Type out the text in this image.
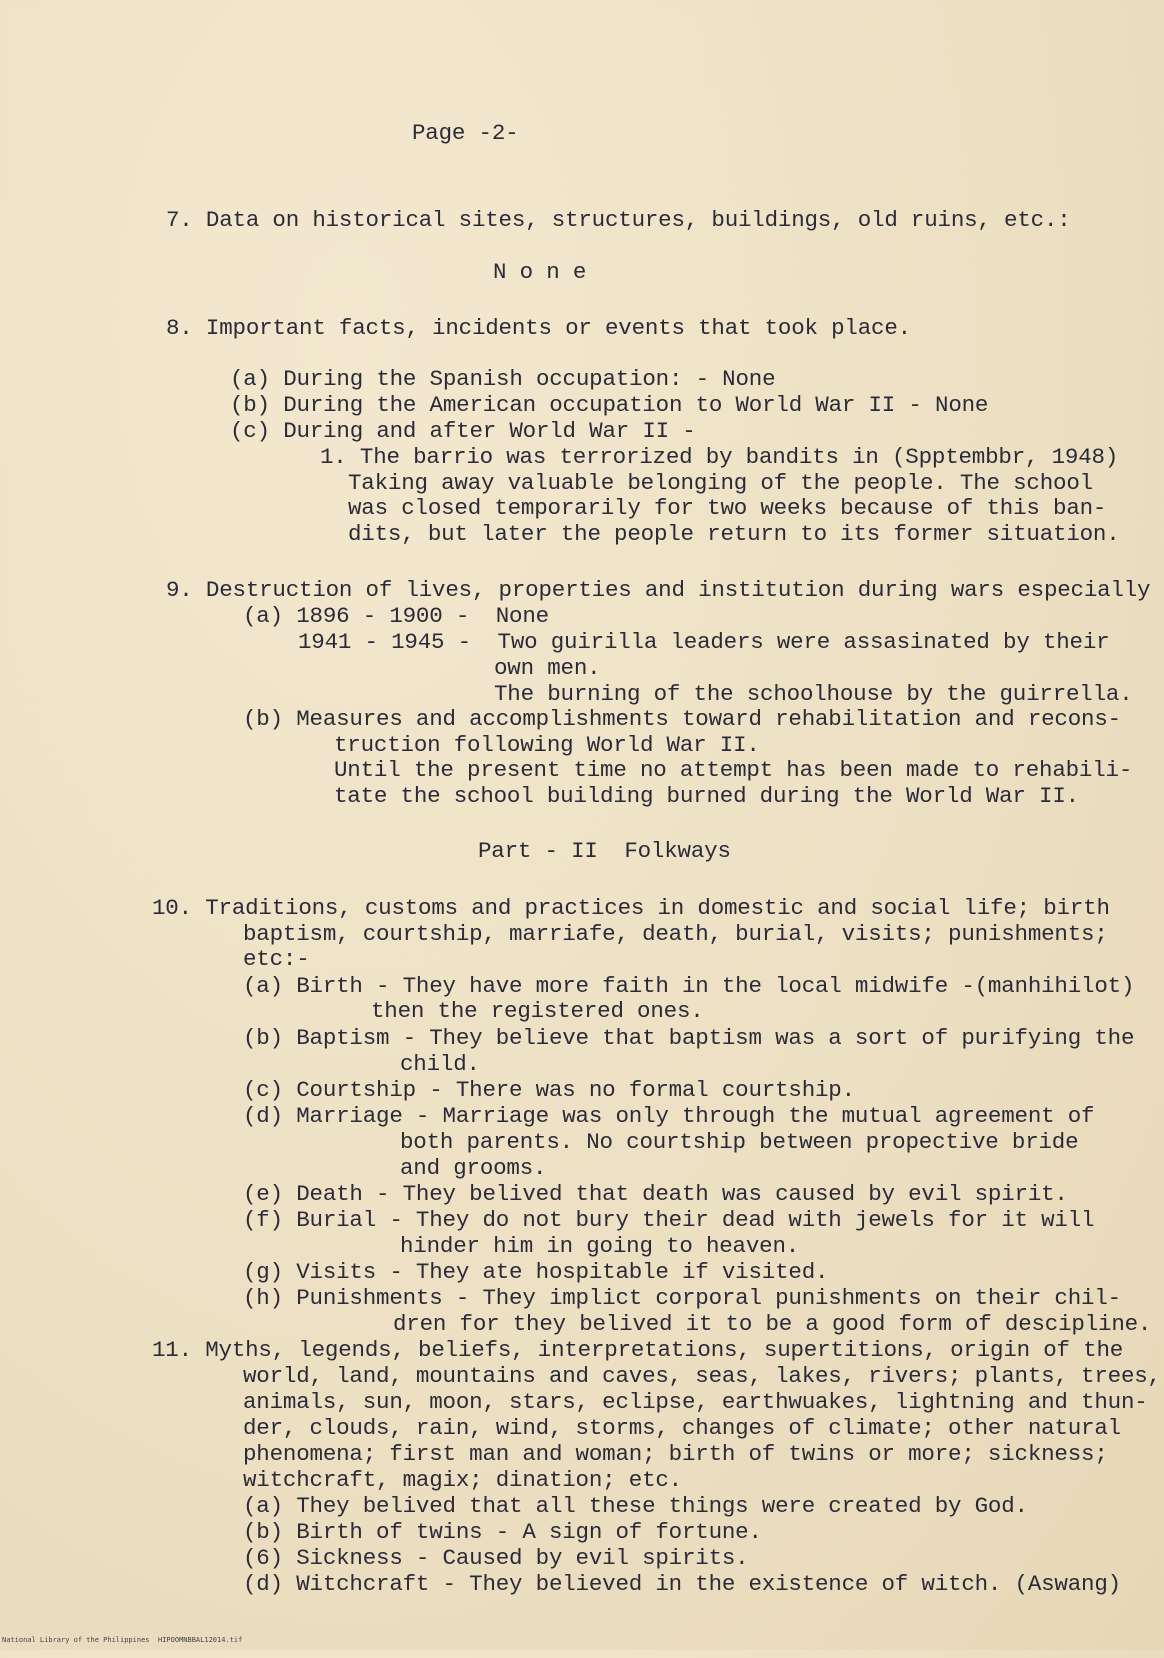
Page -2-
7. Data on historical sites, structures, buildings, old ruins, etc.:
N o n e
8. Important facts, incidents or events that took place.
(a) During the Spanish occupation: - None
(b) During the American occupation to World War II - None
(c) During and after World War II -
1. The barrio was terrorized by bandits in (Spptembbr, 1948)
Taking away valuable belonging of the people. The school
was closed temporarily for two weeks because of this ban-
dits, but later the people return to its former situation.
9. Destruction of lives, properties and institution during wars especially
(a) 1896 - 1900 -  None
1941 - 1945 -  Two guirilla leaders were assasinated by their
own men.
The burning of the schoolhouse by the guirrella.
(b) Measures and accomplishments toward rehabilitation and recons-
truction following World War II.
Until the present time no attempt has been made to rehabili-
tate the school building burned during the World War II.
Part - II  Folkways
10. Traditions, customs and practices in domestic and social life; birth
baptism, courtship, marriafe, death, burial, visits; punishments;
etc:-
(a) Birth - They have more faith in the local midwife -(manhihilot)
then the registered ones.
(b) Baptism - They believe that baptism was a sort of purifying the
child.
(c) Courtship - There was no formal courtship.
(d) Marriage - Marriage was only through the mutual agreement of
both parents. No courtship between propective bride
and grooms.
(e) Death - They belived that death was caused by evil spirit.
(f) Burial - They do not bury their dead with jewels for it will
hinder him in going to heaven.
(g) Visits - They ate hospitable if visited.
(h) Punishments - They implict corporal punishments on their chil-
dren for they belived it to be a good form of descipline.
11. Myths, legends, beliefs, interpretations, supertitions, origin of the
world, land, mountains and caves, seas, lakes, rivers; plants, trees,
animals, sun, moon, stars, eclipse, earthwuakes, lightning and thun-
der, clouds, rain, wind, storms, changes of climate; other natural
phenomena; first man and woman; birth of twins or more; sickness;
witchcraft, magix; dination; etc.
(a) They belived that all these things were created by God.
(b) Birth of twins - A sign of fortune.
(6) Sickness - Caused by evil spirits.
(d) Witchcraft - They believed in the existence of witch. (Aswang)

National Library of the Philippines

HIPOOMNBBAL12014.tif
